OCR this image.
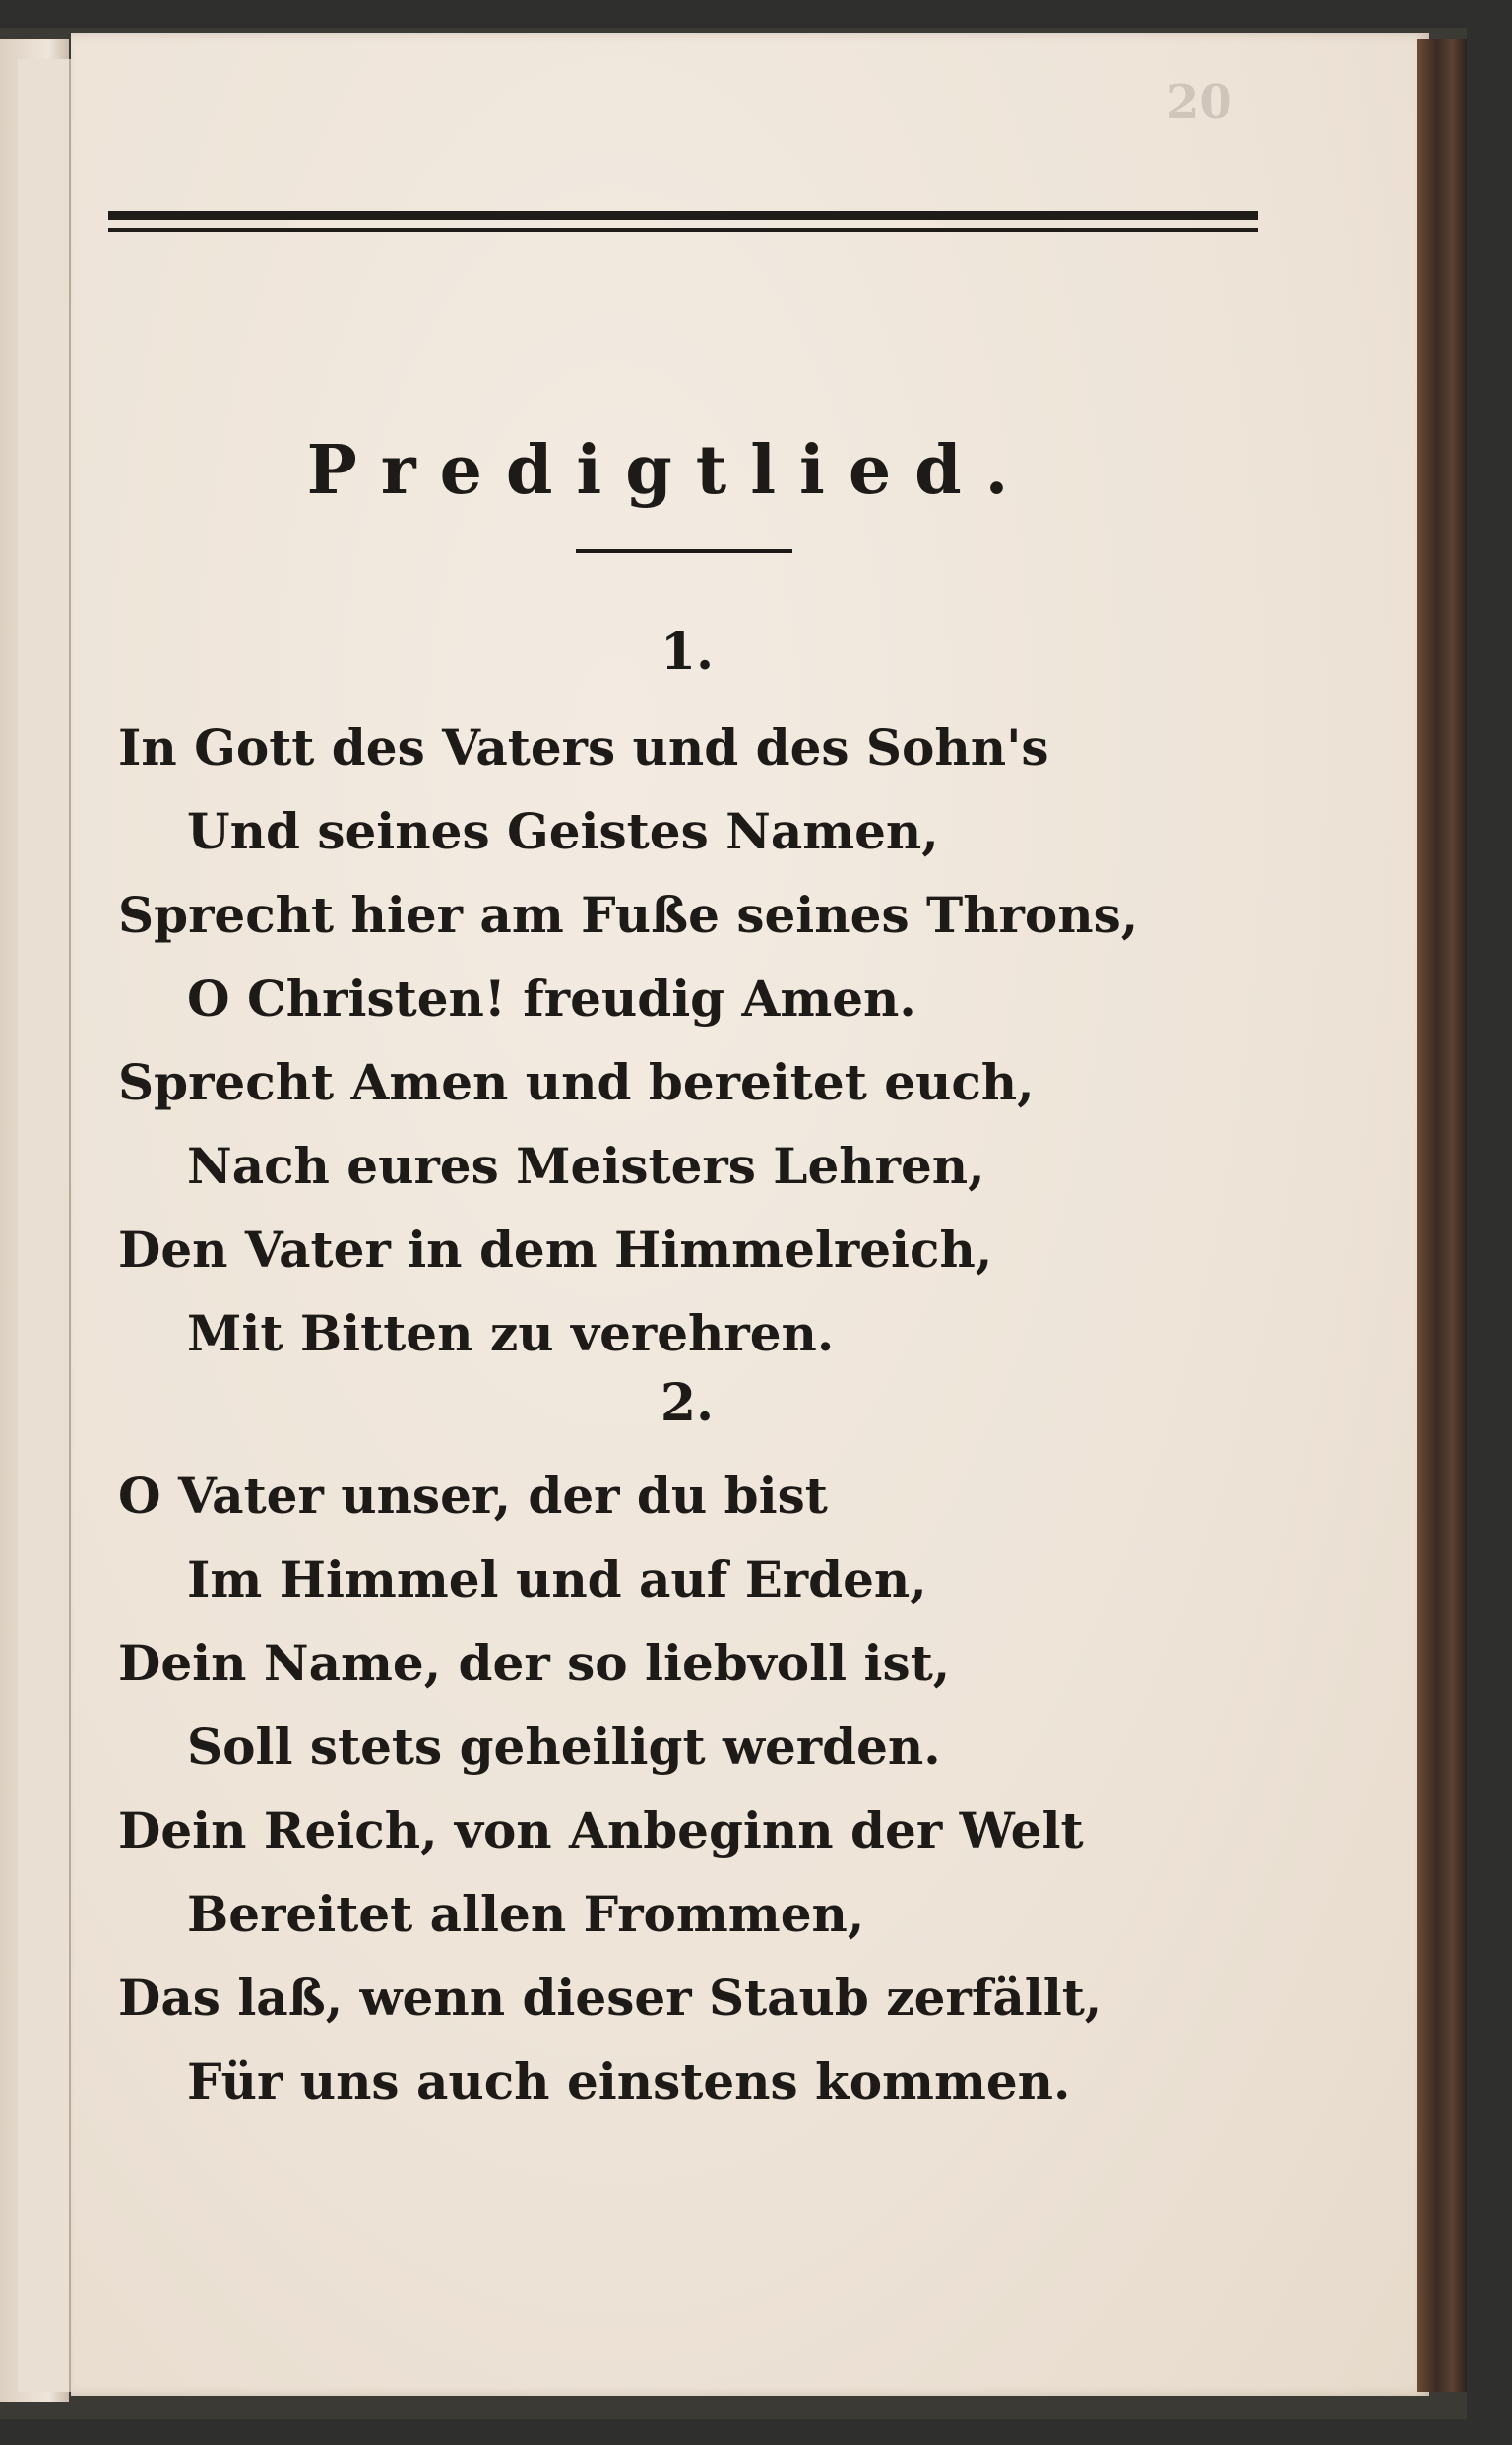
20
Predigtlied.
1.
In Gott des Vaters und des Sohn's
Und seines Geistes Namen,
Sprecht hier am Fuße seines Throns,
O Christen! freudig Amen.
Sprecht Amen und bereitet euch,
Nach eures Meisters Lehren,
Den Vater in dem Himmelreich,
Mit Bitten zu verehren.
2.
O Vater unser, der du bist
Im Himmel und auf Erden,
Dein Name, der so liebvoll ist,
Soll stets geheiligt werden.
Dein Reich, von Anbeginn der Welt
Bereitet allen Frommen,
Das laß, wenn dieser Staub zerfällt,
Für uns auch einstens kommen.
